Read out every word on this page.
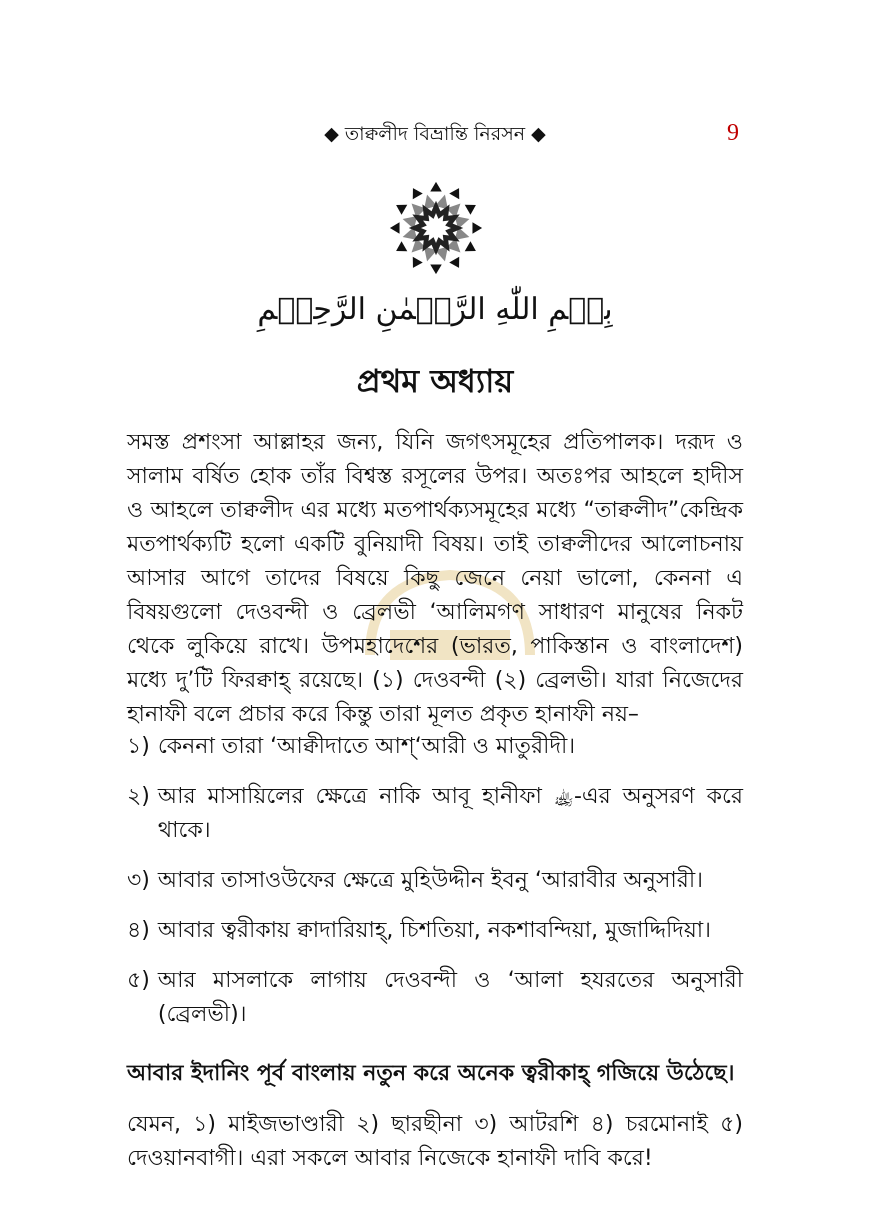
◆ তাক্বলীদ বিভ্রান্তি নিরসন ◆	9
بِسۡمِ اللّٰهِ الرَّحۡمٰنِ الرَّحِيۡمِ
প্রথম অধ্যায়
সমস্ত প্রশংসা আল্লাহর জন্য, যিনি জগৎসমূহের প্রতিপালক। দরূদ ও সালাম বর্ষিত হোক তাঁর বিশ্বস্ত রসূলের উপর। অতঃপর আহলে হাদীস ও আহলে তাক্বলীদ এর মধ্যে মতপার্থক্যসমূহের মধ্যে “তাক্বলীদ”কেন্দ্রিক মতপার্থক্যটি হলো একটি বুনিয়াদী বিষয়। তাই তাক্বলীদের আলোচনায় আসার আগে তাদের বিষয়ে কিছু জেনে নেয়া ভালো, কেননা এ বিষয়গুলো দেওবন্দী ও ব্রেলভী ‘আলিমগণ সাধারণ মানুষের নিকট থেকে লুকিয়ে রাখে। উপমহাদেশের (ভারত, পাকিস্তান ও বাংলাদেশ) মধ্যে দু’টি ফিরক্বাহ্ রয়েছে। (১) দেওবন্দী (২) ব্রেলভী। যারা নিজেদের হানাফী বলে প্রচার করে কিন্তু তারা মূলত প্রকৃত হানাফী নয়–
১) কেননা তারা ‘আক্বীদাতে আশ্‘আরী ও মাতুরীদী।
২) আর মাসায়িলের ক্ষেত্রে নাকি আবূ হানীফা ﵀-এর অনুসরণ করে থাকে।
৩) আবার তাসাওউফের ক্ষেত্রে মুহিউদ্দীন ইবনু ‘আরাবীর অনুসারী।
৪) আবার ত্বরীকায় ক্বাদারিয়াহ্, চিশতিয়া, নকশাবন্দিয়া, মুজাদ্দিদিয়া।
৫) আর মাসলাকে লাগায় দেওবন্দী ও ‘আলা হযরতের অনুসারী (ব্রেলভী)।
আবার ইদানিং পূর্ব বাংলায় নতুন করে অনেক ত্বরীকাহ্ গজিয়ে উঠেছে।
যেমন, ১) মাইজভাণ্ডারী ২) ছারছীনা ৩) আটরশি ৪) চরমোনাই ৫) দেওয়ানবাগী। এরা সকলে আবার নিজেকে হানাফী দাবি করে!
